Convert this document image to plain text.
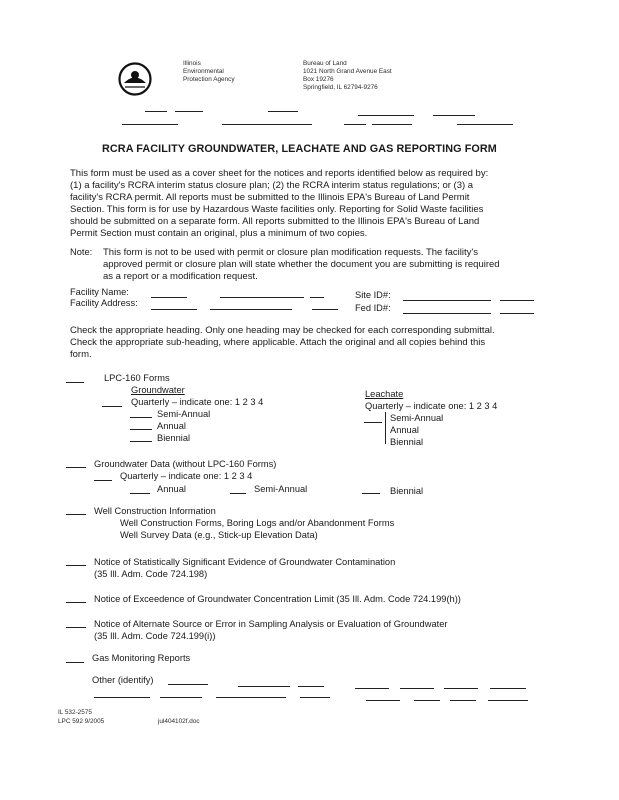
Illinois
Environmental
Protection Agency
Bureau of Land
1021 North Grand Avenue East
Box 19276
Springfield, IL 62794-9276
RCRA FACILITY GROUNDWATER, LEACHATE AND GAS REPORTING FORM
This form must be used as a cover sheet for the notices and reports identified below as required by:
(1) a facility's RCRA interim status closure plan; (2) the RCRA interim status regulations; or (3) a
facility's RCRA permit. All reports must be submitted to the Illinois EPA's Bureau of Land Permit
Section. This form is for use by Hazardous Waste facilities only. Reporting for Solid Waste facilities
should be submitted on a separate form. All reports submitted to the Illinois EPA's Bureau of Land
Permit Section must contain an original, plus a minimum of two copies.
Note: This form is not to be used with permit or closure plan modification requests. The facility's
approved permit or closure plan will state whether the document you are submitting is required
as a report or a modification request.
Facility Name:	Site ID#:
Facility Address:	Fed ID#:
Check the appropriate heading. Only one heading may be checked for each corresponding submittal.
Check the appropriate sub-heading, where applicable. Attach the original and all copies behind this
form.
LPC-160 Forms
Groundwater
Quarterly – indicate one: 1 2 3 4
Semi-Annual
Annual
Biennial
Leachate
Quarterly – indicate one: 1 2 3 4
Semi-Annual
Annual
Biennial
Groundwater Data (without LPC-160 Forms)
Quarterly – indicate one: 1 2 3 4
Annual	Semi-Annual	Biennial
Well Construction Information
Well Construction Forms, Boring Logs and/or Abandonment Forms
Well Survey Data (e.g., Stick-up Elevation Data)
Notice of Statistically Significant Evidence of Groundwater Contamination
(35 Ill. Adm. Code 724.198)
Notice of Exceedence of Groundwater Concentration Limit (35 Ill. Adm. Code 724.199(h))
Notice of Alternate Source or Error in Sampling Analysis or Evaluation of Groundwater
(35 Ill. Adm. Code 724.199(i))
Gas Monitoring Reports
Other (identify)
IL 532-2575
LPC 592 9/2005	jul404102f.doc
